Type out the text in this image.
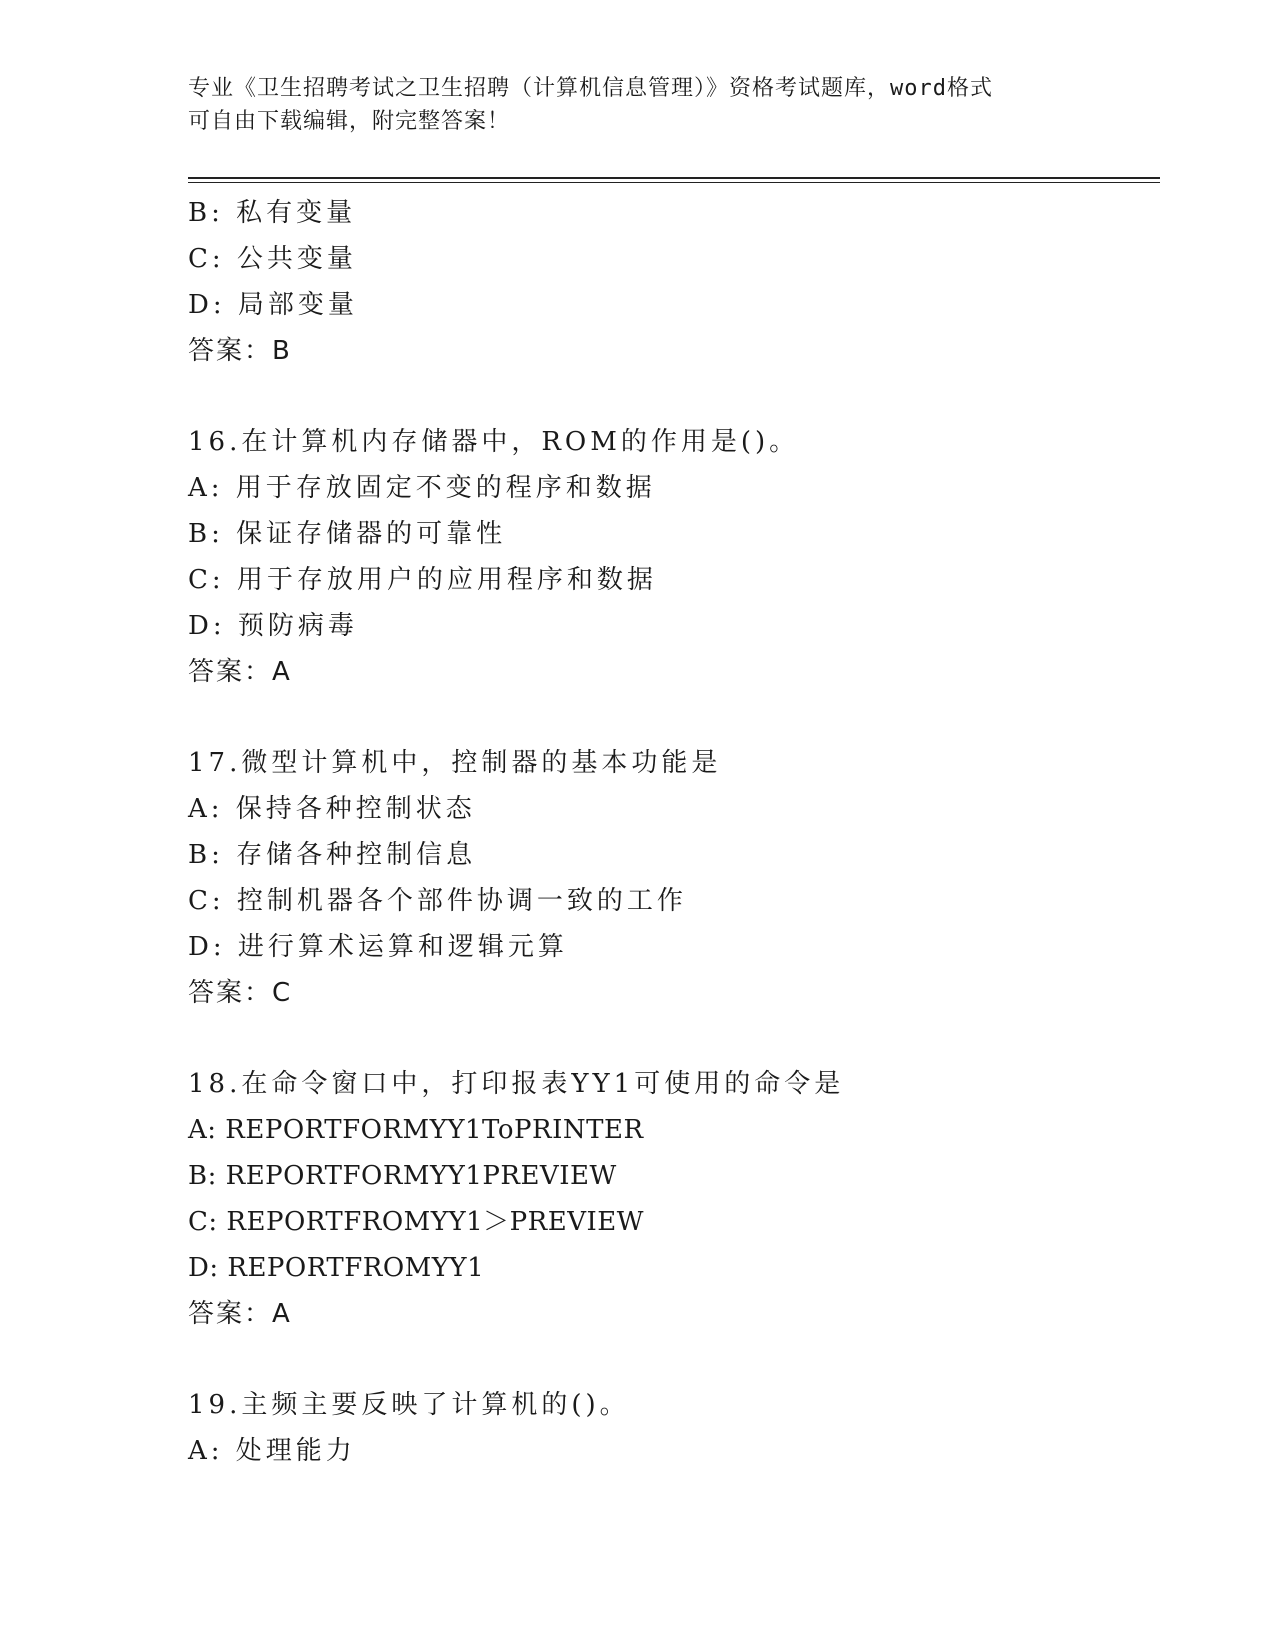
专业《卫生招聘考试之卫生招聘（计算机信息管理）》资格考试题库，word格式
可自由下载编辑，附完整答案！
B: 私有变量
C: 公共变量
D: 局部变量
答案：B
16.在计算机内存储器中，ROM的作用是()。
A: 用于存放固定不变的程序和数据
B: 保证存储器的可靠性
C: 用于存放用户的应用程序和数据
D: 预防病毒
答案：A
17.微型计算机中，控制器的基本功能是
A: 保持各种控制状态
B: 存储各种控制信息
C: 控制机器各个部件协调一致的工作
D: 进行算术运算和逻辑元算
答案：C
18.在命令窗口中，打印报表YY1可使用的命令是
A: REPORTFORMYY1ToPRINTER
B: REPORTFORMYY1PREVIEW
C: REPORTFROMYY1＞PREVIEW
D: REPORTFROMYY1
答案：A
19.主频主要反映了计算机的()。
A: 处理能力
